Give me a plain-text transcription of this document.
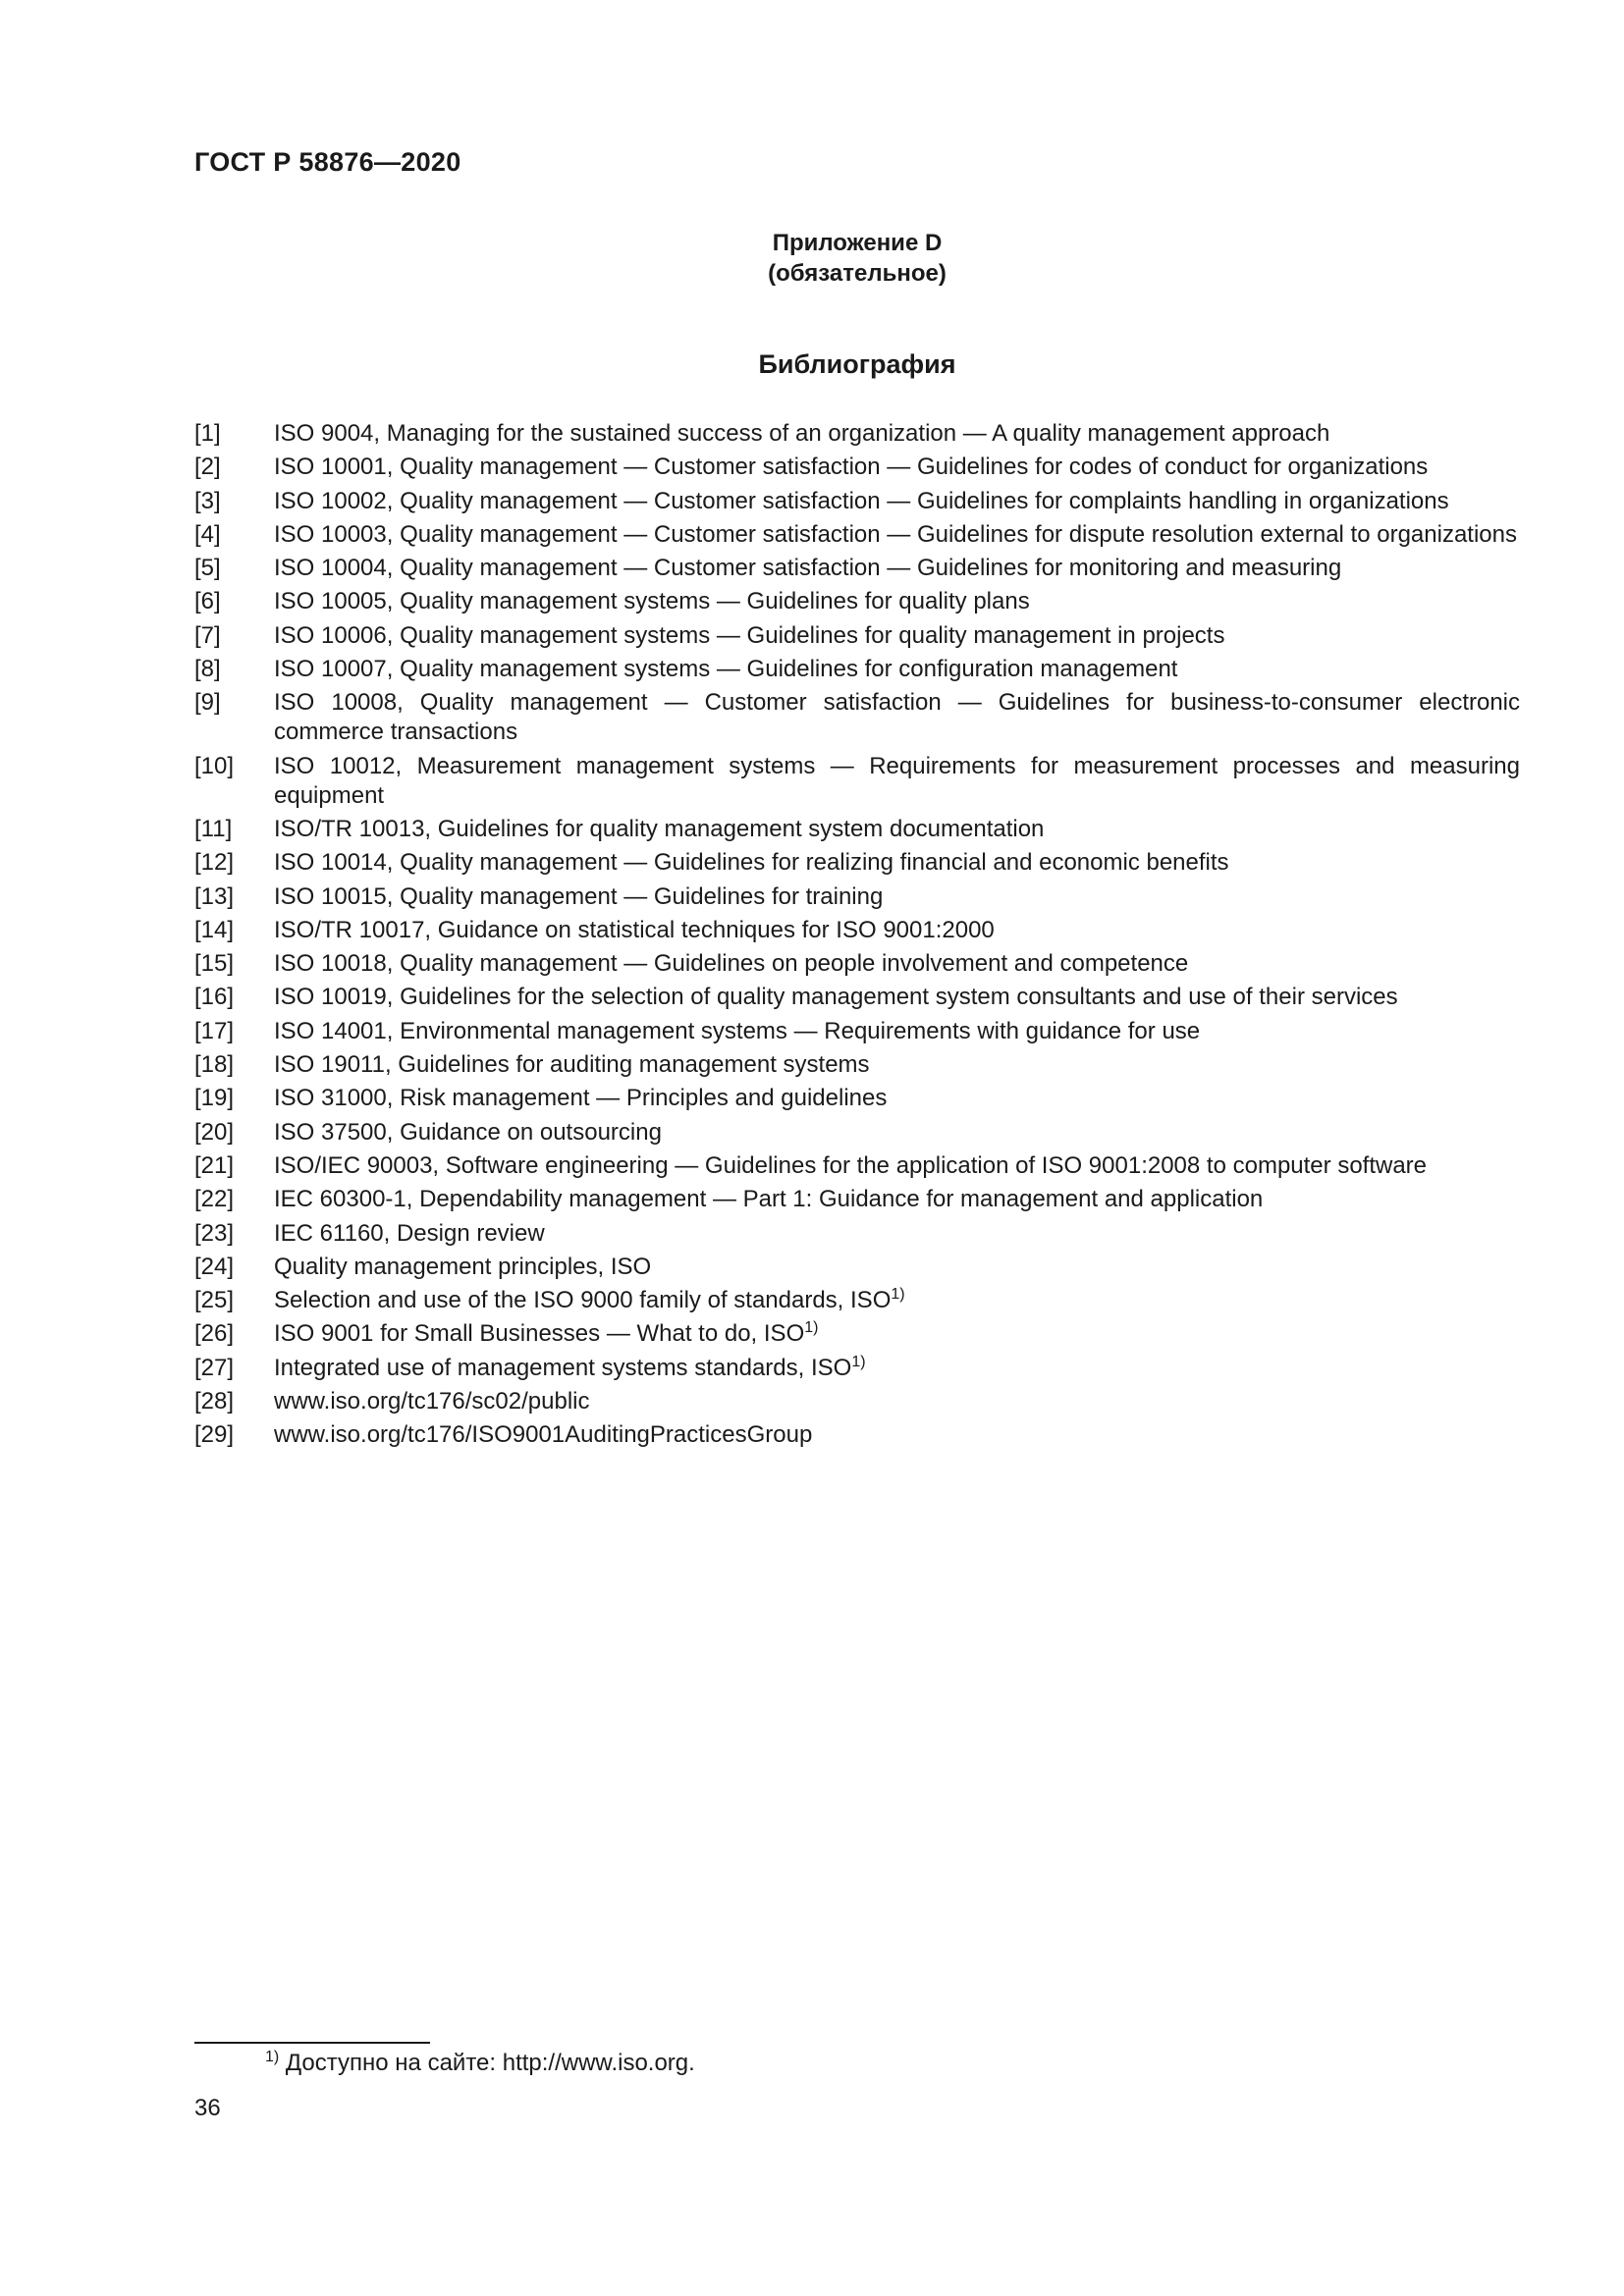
ГОСТ Р 58876—2020
Приложение D
(обязательное)
Библиография
[1] ISO 9004, Managing for the sustained success of an organization — A quality management approach
[2] ISO 10001, Quality management — Customer satisfaction — Guidelines for codes of conduct for organizations
[3] ISO 10002, Quality management — Customer satisfaction — Guidelines for complaints handling in organizations
[4] ISO 10003, Quality management — Customer satisfaction — Guidelines for dispute resolution external to organizations
[5] ISO 10004, Quality management — Customer satisfaction — Guidelines for monitoring and measuring
[6] ISO 10005, Quality management systems — Guidelines for quality plans
[7] ISO 10006, Quality management systems — Guidelines for quality management in projects
[8] ISO 10007, Quality management systems — Guidelines for configuration management
[9] ISO 10008, Quality management — Customer satisfaction — Guidelines for business-to-consumer electronic commerce transactions
[10] ISO 10012, Measurement management systems — Requirements for measurement processes and measuring equipment
[11] ISO/TR 10013, Guidelines for quality management system documentation
[12] ISO 10014, Quality management — Guidelines for realizing financial and economic benefits
[13] ISO 10015, Quality management — Guidelines for training
[14] ISO/TR 10017, Guidance on statistical techniques for ISO 9001:2000
[15] ISO 10018, Quality management — Guidelines on people involvement and competence
[16] ISO 10019, Guidelines for the selection of quality management system consultants and use of their services
[17] ISO 14001, Environmental management systems — Requirements with guidance for use
[18] ISO 19011, Guidelines for auditing management systems
[19] ISO 31000, Risk management — Principles and guidelines
[20] ISO 37500, Guidance on outsourcing
[21] ISO/IEC 90003, Software engineering — Guidelines for the application of ISO 9001:2008 to computer software
[22] IEC 60300-1, Dependability management — Part 1: Guidance for management and application
[23] IEC 61160, Design review
[24] Quality management principles, ISO
[25] Selection and use of the ISO 9000 family of standards, ISO$^{1)}$
[26] ISO 9001 for Small Businesses — What to do, ISO$^{1)}$
[27] Integrated use of management systems standards, ISO$^{1)}$
[28] www.iso.org/tc176/sc02/public
[29] www.iso.org/tc176/ISO9001AuditingPracticesGroup
$^{1)}$ Доступно на сайте: http://www.iso.org.
36
